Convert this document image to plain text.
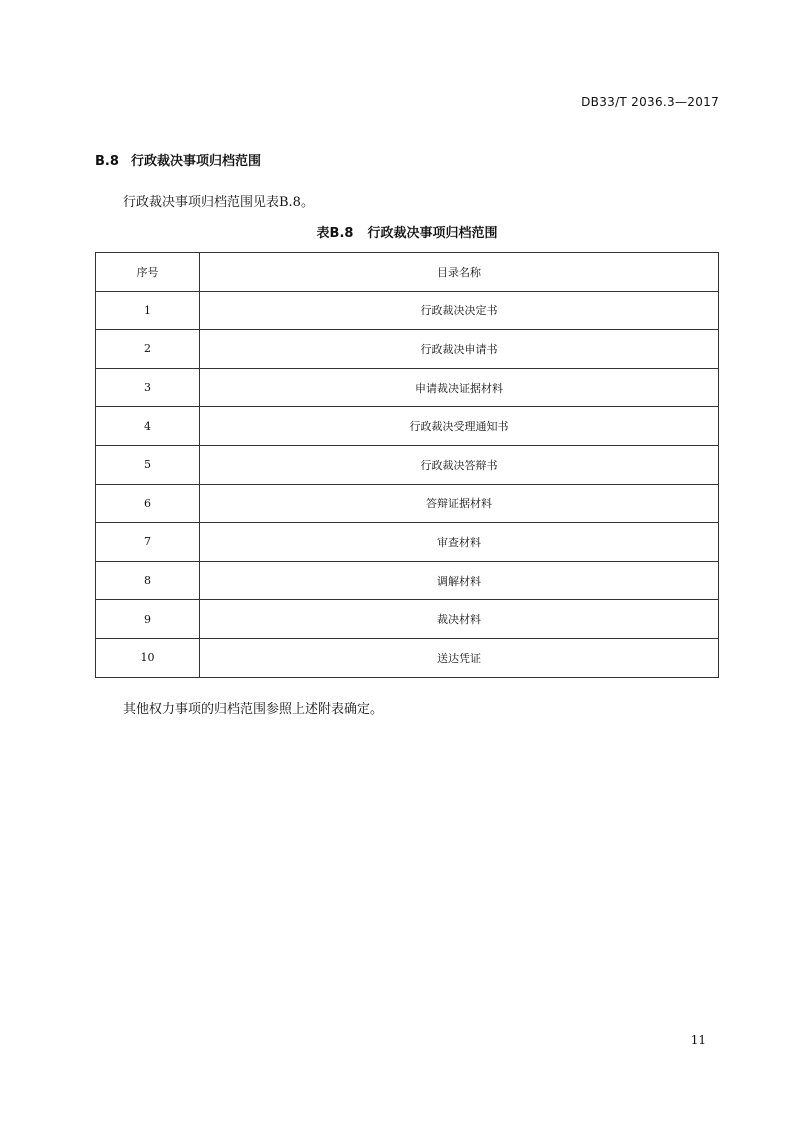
DB33/T 2036.3—2017
B.8 行政裁决事项归档范围
行政裁决事项归档范围见表B.8。
表B.8 行政裁决事项归档范围
序号	目录名称
1	行政裁决决定书
2	行政裁决申请书
3	申请裁决证据材料
4	行政裁决受理通知书
5	行政裁决答辩书
6	答辩证据材料
7	审查材料
8	调解材料
9	裁决材料
10	送达凭证
其他权力事项的归档范围参照上述附表确定。
11
